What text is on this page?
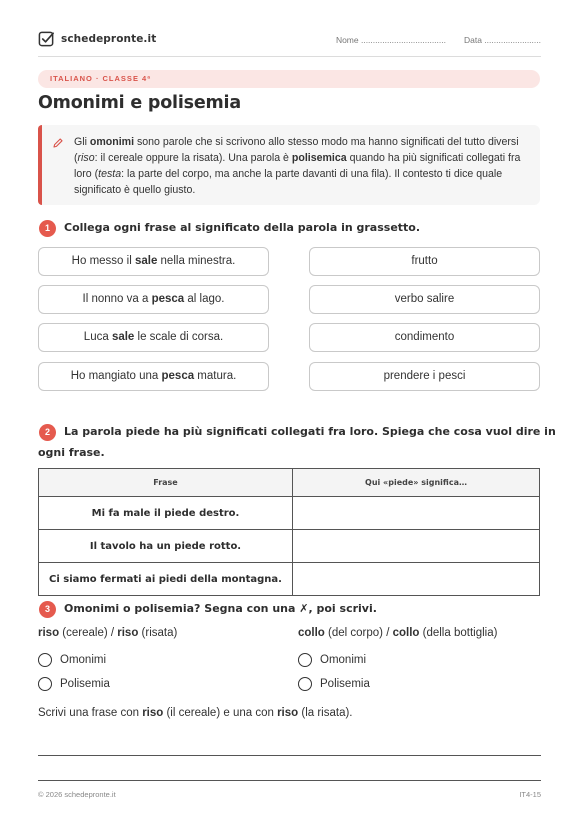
schedepronte.it	Nome .................................... Data ........................
ITALIANO · CLASSE 4ª
Omonimi e polisemia
Gli omonimi sono parole che si scrivono allo stesso modo ma hanno significati del tutto diversi (riso: il cereale oppure la risata). Una parola è polisemica quando ha più significati collegati fra loro (testa: la parte del corpo, ma anche la parte davanti di una fila). Il contesto ti dice quale significato è quello giusto.
1	Collega ogni frase al significato della parola in grassetto.
Ho messo il sale nella minestra.
Il nonno va a pesca al lago.
Luca sale le scale di corsa.
Ho mangiato una pesca matura.
frutto
verbo salire
condimento
prendere i pesci
2	La parola piede ha più significati collegati fra loro. Spiega che cosa vuol dire in
ogni frase.
Frase	Qui «piede» significa…
Mi fa male il piede destro.	
Il tavolo ha un piede rotto.	
Ci siamo fermati ai piedi della montagna.	
3	Omonimi o polisemia? Segna con una ✗, poi scrivi.
riso (cereale) / riso (risata)	collo (del corpo) / collo (della bottiglia)
Omonimi
Polisemia
Omonimi
Polisemia
Scrivi una frase con riso (il cereale) e una con riso (la risata).
© 2026 schedepronte.it	IT4-15
